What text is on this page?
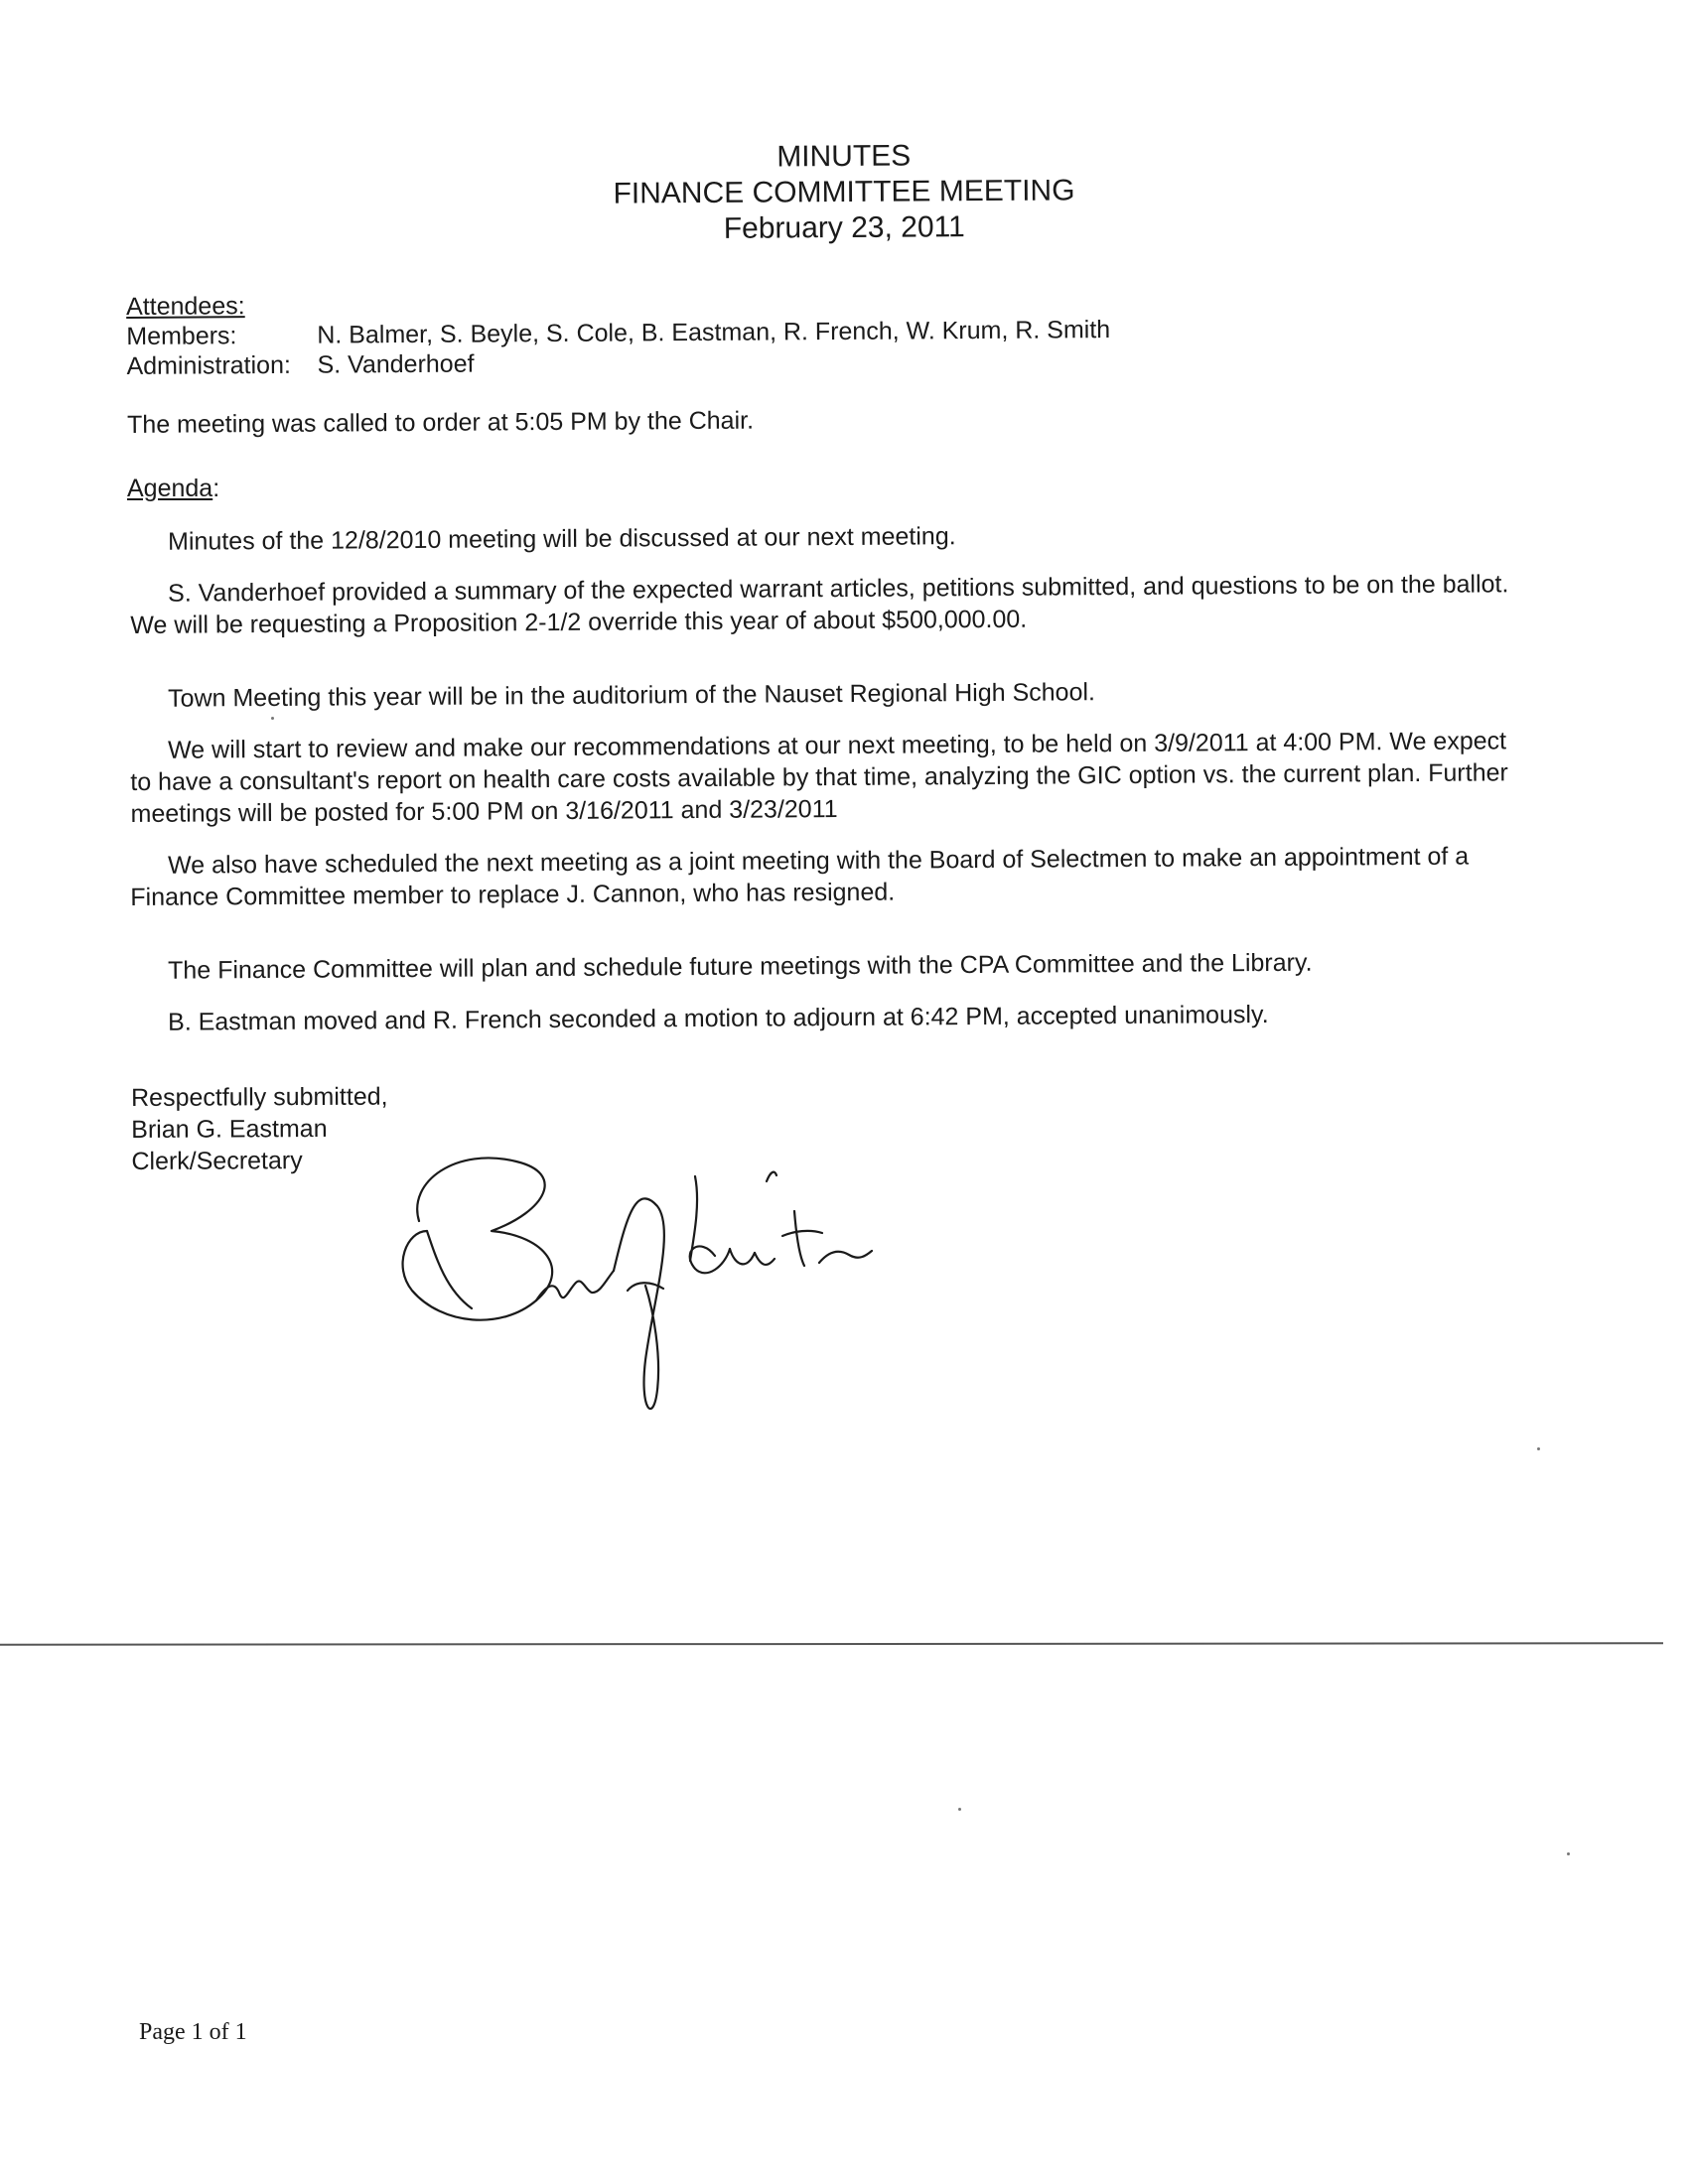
MINUTES
FINANCE COMMITTEE MEETING
February 23, 2011
Attendees:
Members:	N. Balmer, S. Beyle, S. Cole, B. Eastman, R. French, W. Krum, R. Smith
Administration:	S. Vanderhoef
The meeting was called to order at 5:05 PM by the Chair.
Agenda:
Minutes of the 12/8/2010 meeting will be discussed at our next meeting.
S. Vanderhoef provided a summary of the expected warrant articles, petitions submitted, and questions to be on the ballot. We will be requesting a Proposition 2-1/2 override this year of about $500,000.00.
Town Meeting this year will be in the auditorium of the Nauset Regional High School.
We will start to review and make our recommendations at our next meeting, to be held on 3/9/2011 at 4:00 PM. We expect to have a consultant's report on health care costs available by that time, analyzing the GIC option vs. the current plan. Further meetings will be posted for 5:00 PM on 3/16/2011 and 3/23/2011
We also have scheduled the next meeting as a joint meeting with the Board of Selectmen to make an appointment of a Finance Committee member to replace J. Cannon, who has resigned.
The Finance Committee will plan and schedule future meetings with the CPA Committee and the Library.
B. Eastman moved and R. French seconded a motion to adjourn at 6:42 PM, accepted unanimously.
Respectfully submitted,
Brian G. Eastman
Clerk/Secretary
Page 1 of 1
